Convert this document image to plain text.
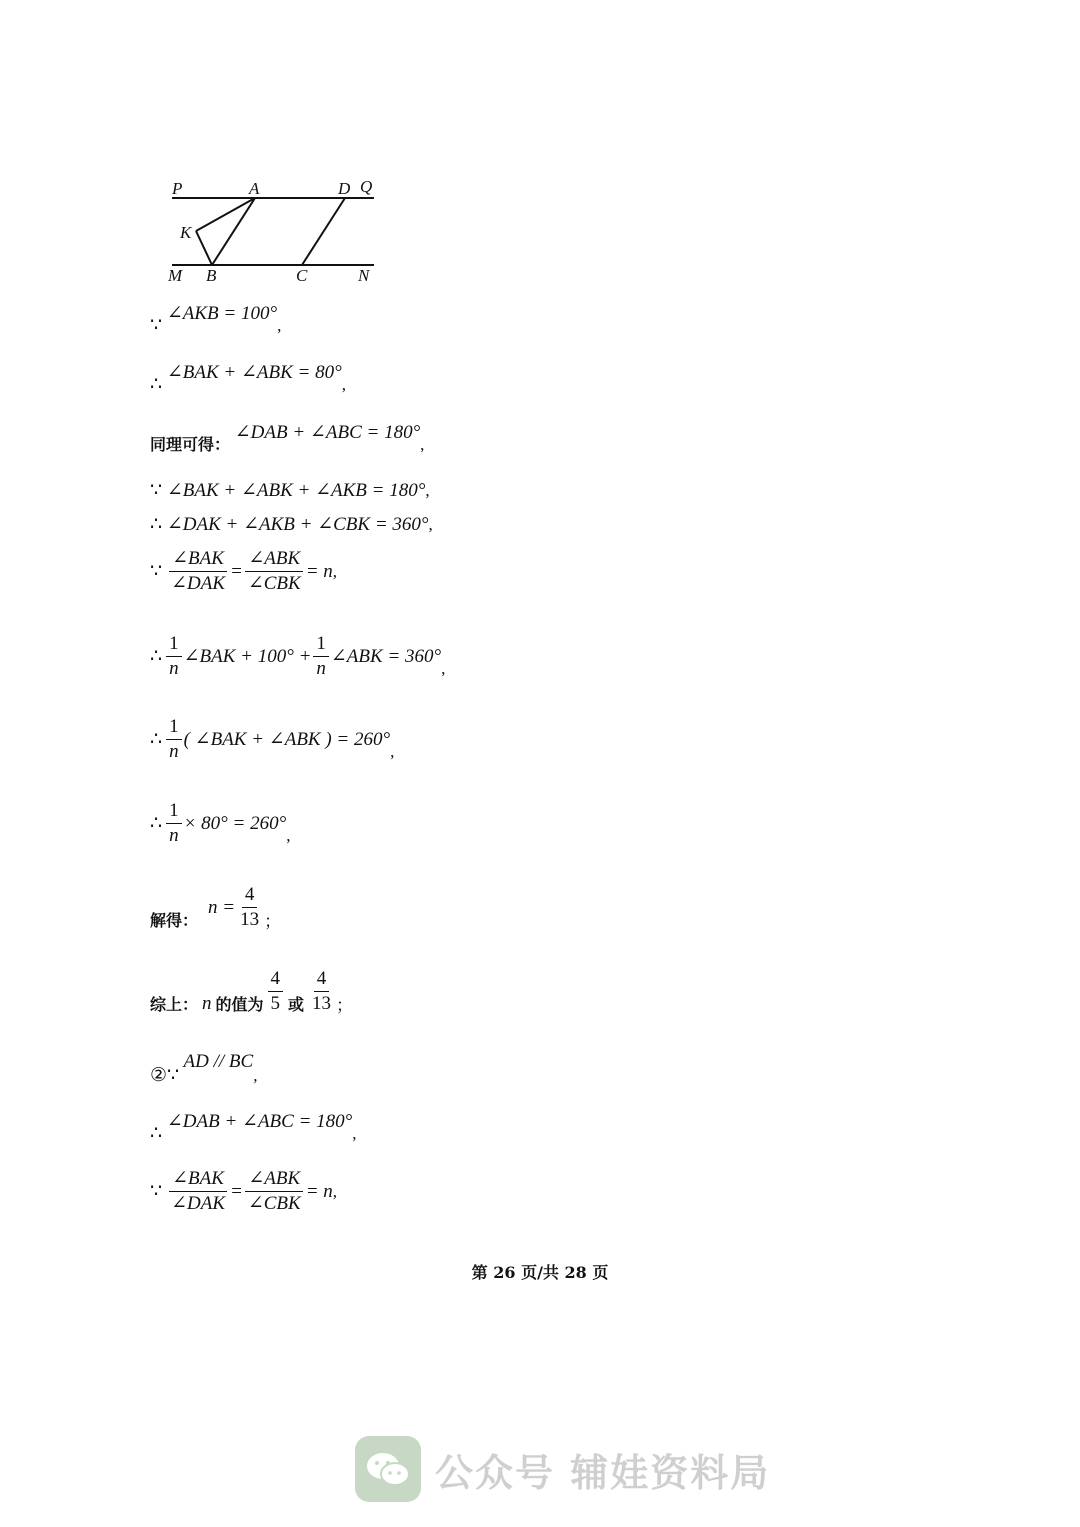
P	A	D Q
K
M B	C	N
∵ ∠AKB = 100°,
∴ ∠BAK + ∠ABK = 80°,
$_{同理可得:}$ ∠DAB + ∠ABC = 180°,
∵ ∠BAK + ∠ABK + ∠AKB = 180°,
∴ ∠DAK + ∠AKB + ∠CBK = 360°,
∵ $\frac{\text{∠BAK}}{\text{∠DAK}} = \frac{\text{∠ABK}}{\text{∠CBK}} = n$ ,
∴ $\frac{1}{n}$ ∠BAK + $100^\circ + \frac{1}{n}$ ∠ABK = 360°
,
∴ $\frac{1}{n}$ ( ∠BAK + ∠ABK ) = 260°
,
∴ $\frac{1}{n} \times 80^\circ = 260^\circ$
,
解得：
$n = \frac{4}{13}$ ；
综上： n 的值为 $\frac{4}{5}$ 或 $\frac{4}{13}$ ；
②∵ AD // BC,
∴ ∠DAB + ∠ABC = 180°,
∵ $\frac{\text{∠BAK}}{\text{∠DAK}} = \frac{\text{∠ABK}}{\text{∠CBK}} = n$ ,
第 26 页/共 28 页
公众号 辅娃资料局
